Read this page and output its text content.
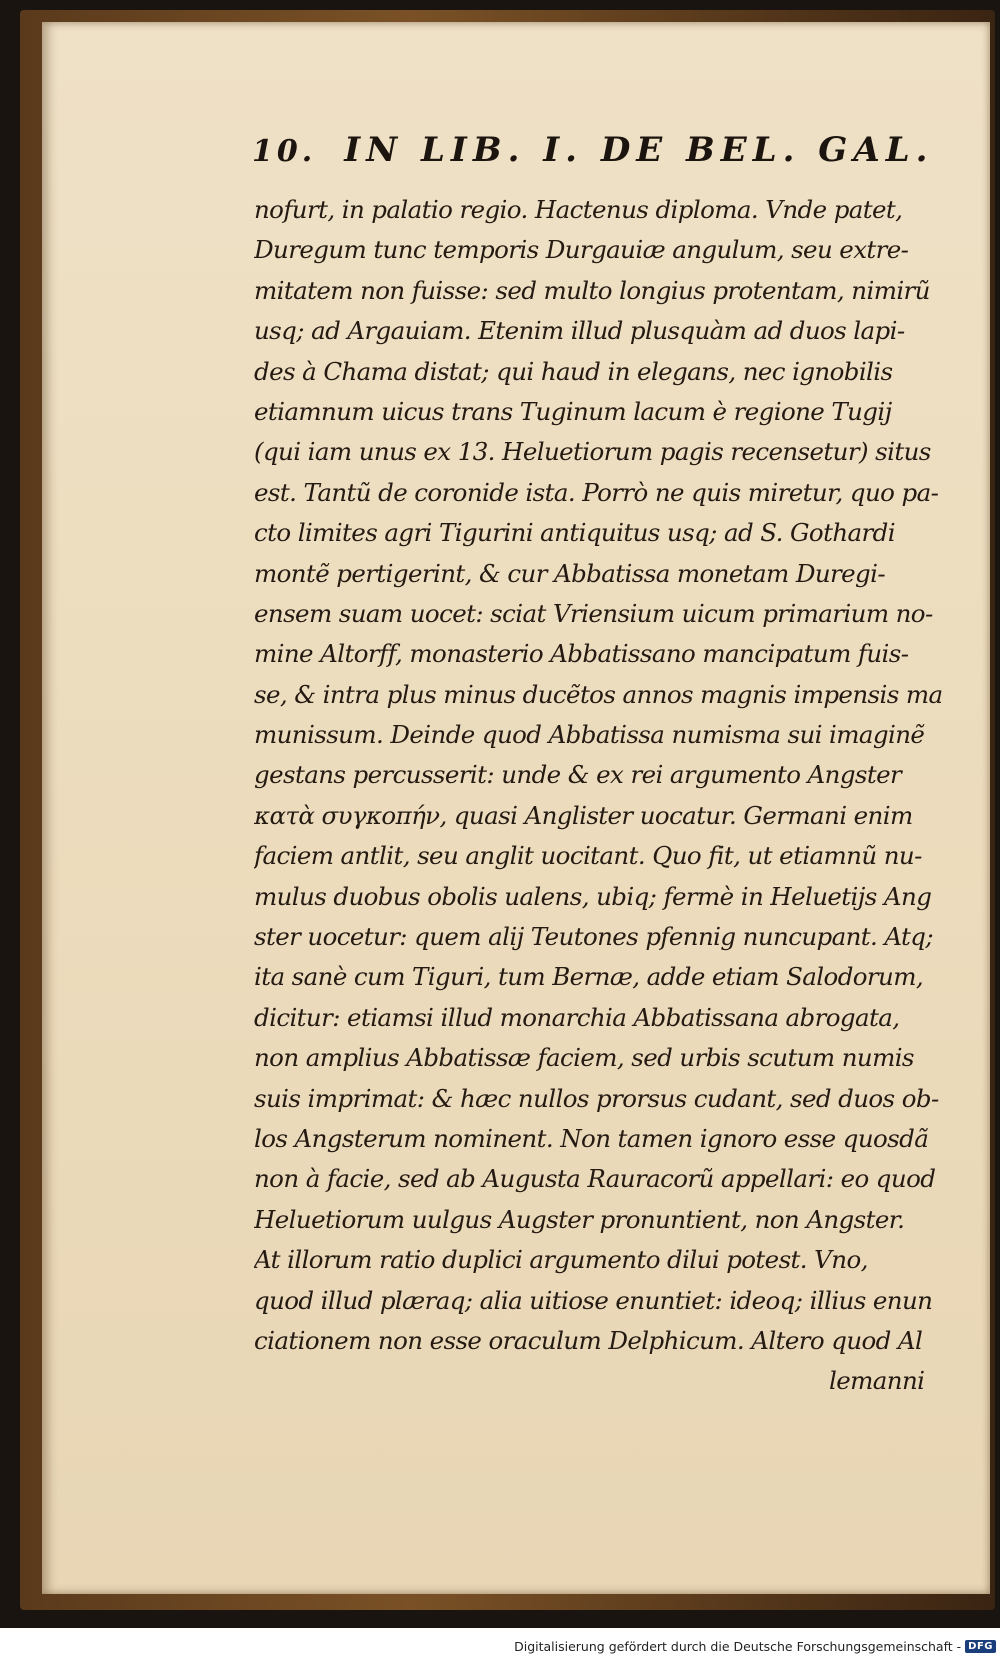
10. IN LIB. I. DE BEL. GAL.
nofurt, in palatio regio. Hactenus diploma. Vnde patet,
Duregum tunc temporis Durgauiæ angulum, seu extre-
mitatem non fuisse: sed multo longius protentam, nimirũ
usq; ad Argauiam. Etenim illud plusquàm ad duos lapi-
des à Chama distat; qui haud in elegans, nec ignobilis
etiamnum uicus trans Tuginum lacum è regione Tugij
(qui iam unus ex 13. Heluetiorum pagis recensetur) situs
est. Tantũ de coronide ista. Porrò ne quis miretur, quo pa-
cto limites agri Tigurini antiquitus usq; ad S. Gothardi
montẽ pertigerint, & cur Abbatissa monetam Duregi-
ensem suam uocet: sciat Vriensium uicum primarium no-
mine Altorff, monasterio Abbatissano mancipatum fuis-
se, & intra plus minus ducẽtos annos magnis impensis ma
munissum. Deinde quod Abbatissa numisma sui imaginẽ
gestans percusserit: unde & ex rei argumento Angster
κατὰ συγκοπήν, quasi Anglister uocatur. Germani enim
faciem antlit, seu anglit uocitant. Quo fit, ut etiamnũ nu-
mulus duobus obolis ualens, ubiq; fermè in Heluetijs Ang
ster uocetur: quem alij Teutones pfennig nuncupant. Atq;
ita sanè cum Tiguri, tum Bernæ, adde etiam Salodorum,
dicitur: etiamsi illud monarchia Abbatissana abrogata,
non amplius Abbatissæ faciem, sed urbis scutum numis
suis imprimat: & hæc nullos prorsus cudant, sed duos ob-
los Angsterum nominent. Non tamen ignoro esse quosdã
non à facie, sed ab Augusta Rauracorũ appellari: eo quod
Heluetiorum uulgus Augster pronuntient, non Angster.
At illorum ratio duplici argumento dilui potest. Vno,
quod illud plæraq; alia uitiose enuntiet: ideoq; illius enun
ciationem non esse oraculum Delphicum. Altero quod Al
lemanni
Digitalisierung gefördert durch die Deutsche Forschungsgemeinschaft - DFG
